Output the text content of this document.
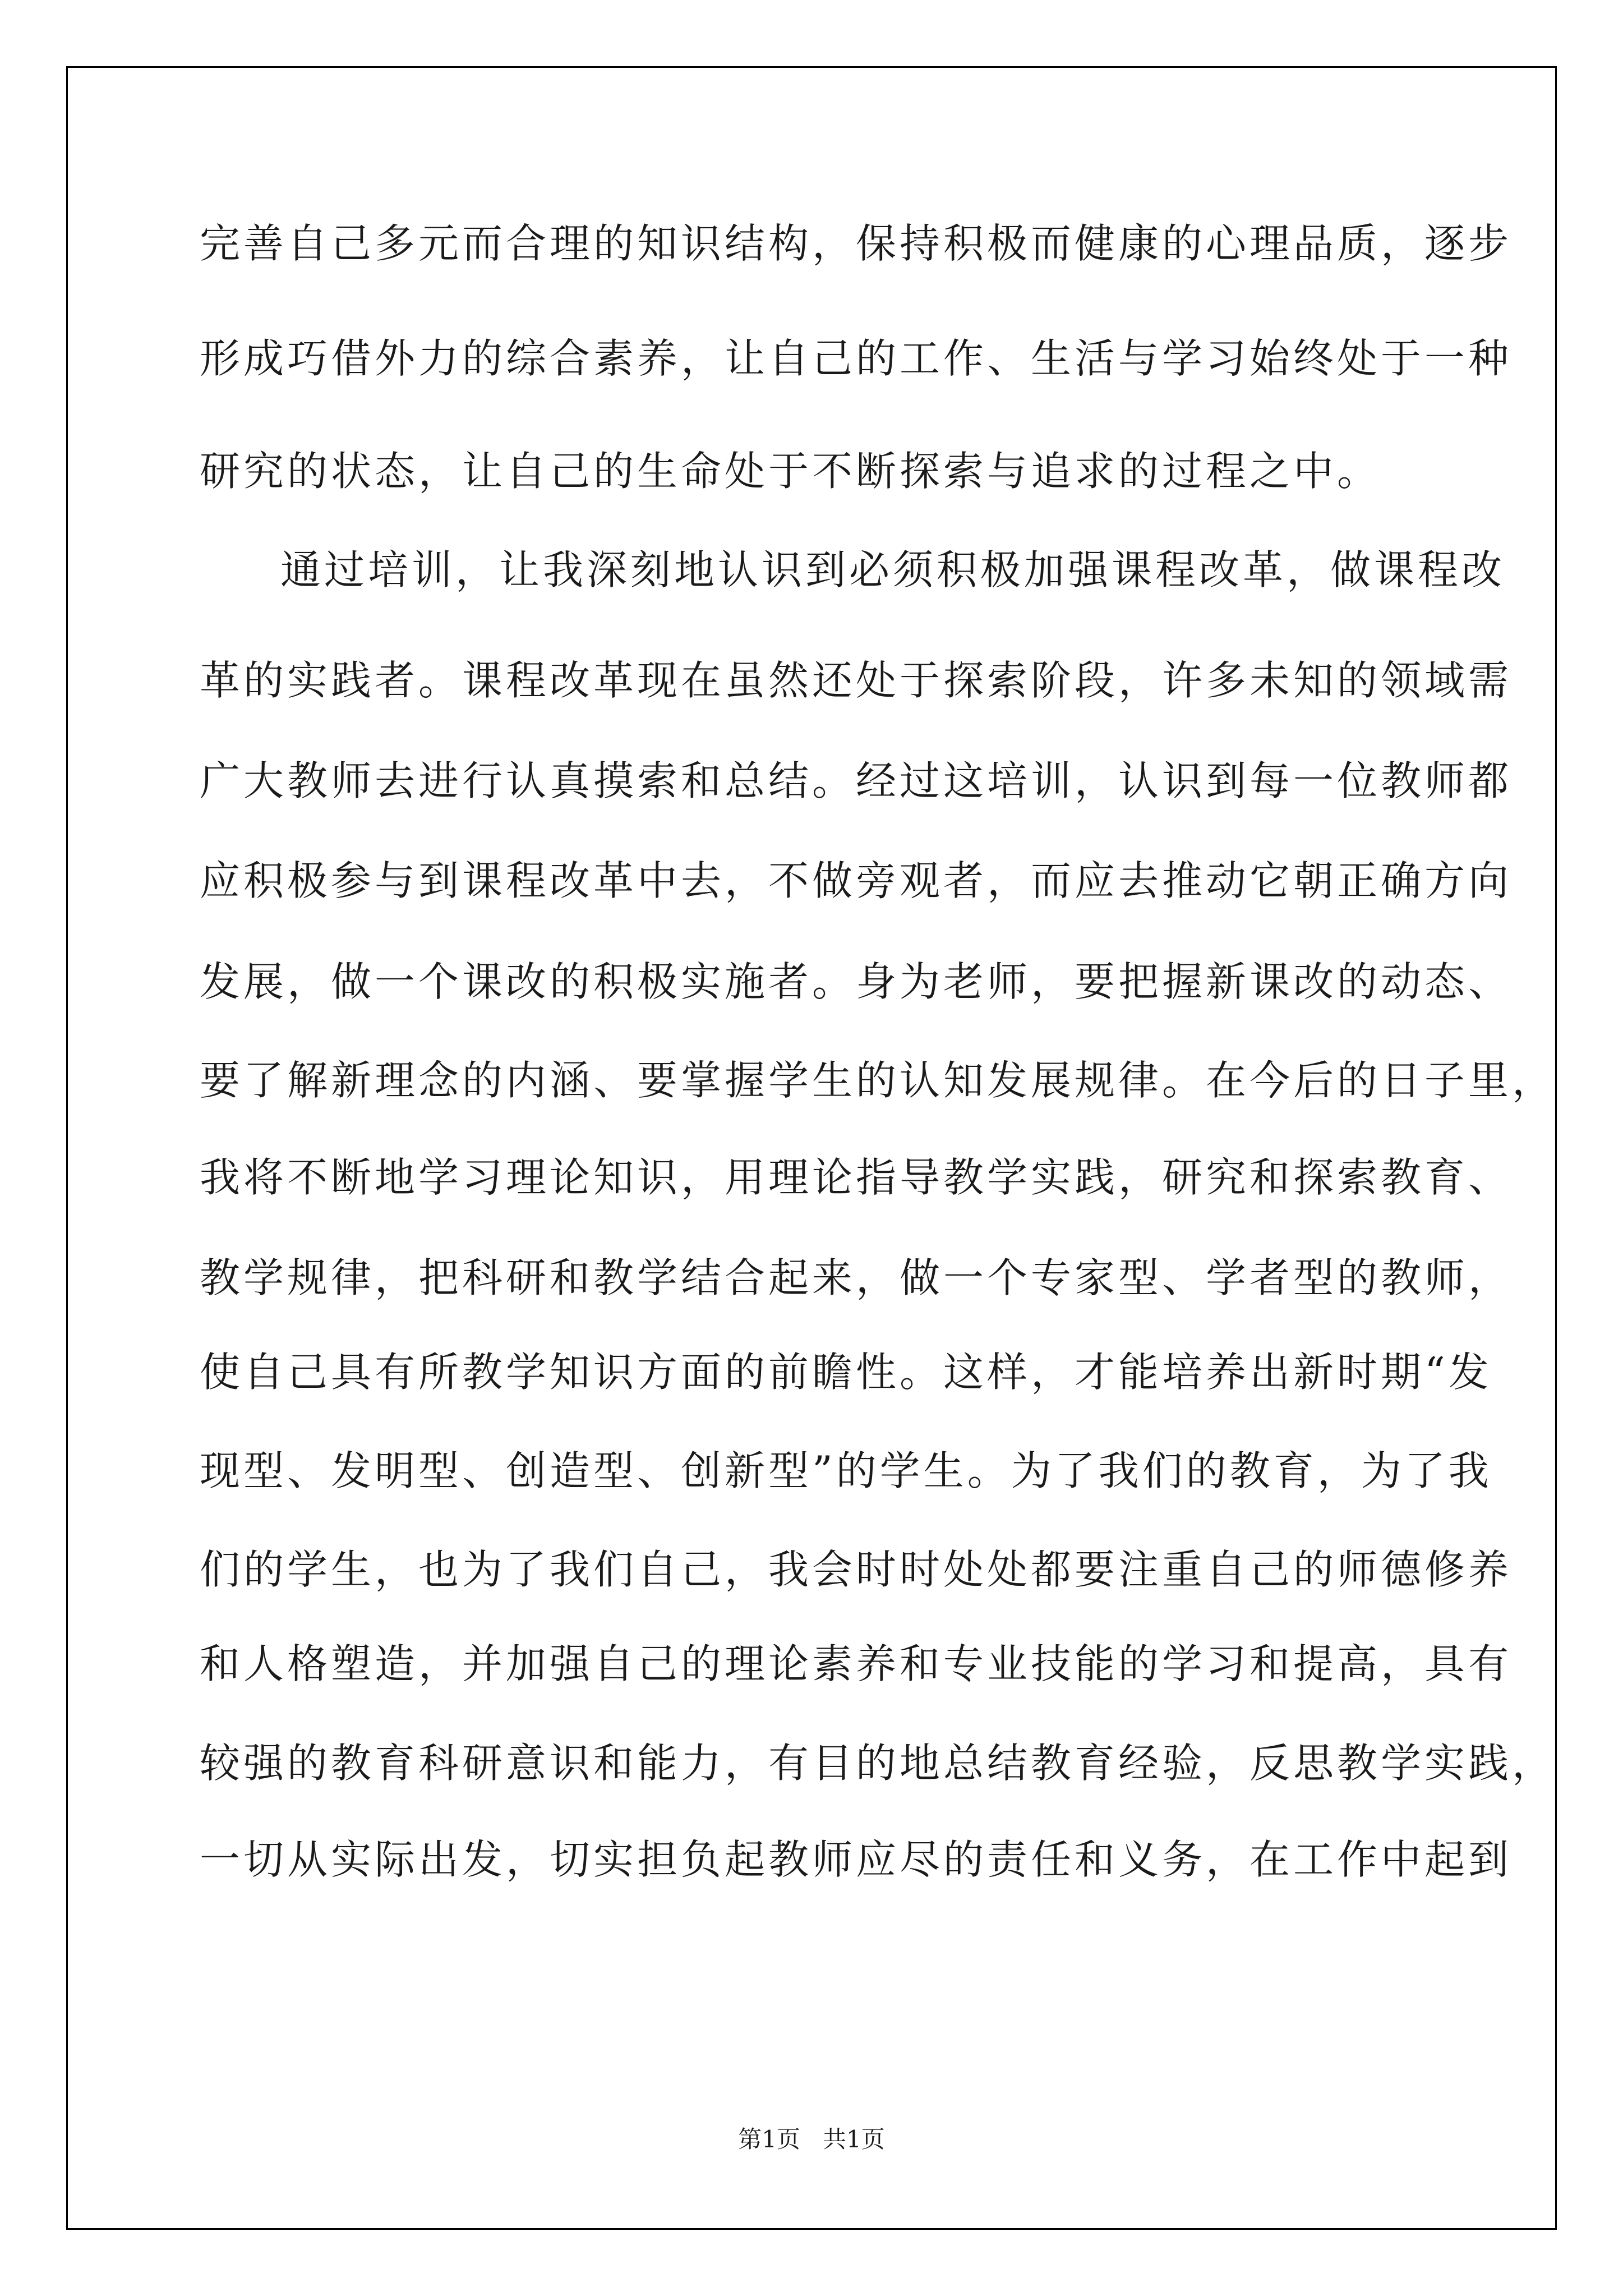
完善自己多元而合理的知识结构，保持积极而健康的心理品质，逐步
形成巧借外力的综合素养，让自己的工作、生活与学习始终处于一种
研究的状态，让自己的生命处于不断探索与追求的过程之中。
通过培训，让我深刻地认识到必须积极加强课程改革，做课程改
革的实践者。课程改革现在虽然还处于探索阶段，许多未知的领域需
广大教师去进行认真摸索和总结。经过这培训，认识到每一位教师都
应积极参与到课程改革中去，不做旁观者，而应去推动它朝正确方向
发展，做一个课改的积极实施者。身为老师，要把握新课改的动态、
要了解新理念的内涵、要掌握学生的认知发展规律。在今后的日子里，
我将不断地学习理论知识，用理论指导教学实践，研究和探索教育、
教学规律，把科研和教学结合起来，做一个专家型、学者型的教师，
使自己具有所教学知识方面的前瞻性。这样，才能培养出新时期“发
现型、发明型、创造型、创新型”的学生。为了我们的教育，为了我
们的学生，也为了我们自己，我会时时处处都要注重自己的师德修养
和人格塑造，并加强自己的理论素养和专业技能的学习和提高，具有
较强的教育科研意识和能力，有目的地总结教育经验，反思教学实践，
一切从实际出发，切实担负起教师应尽的责任和义务，在工作中起到
第1页   共1页
